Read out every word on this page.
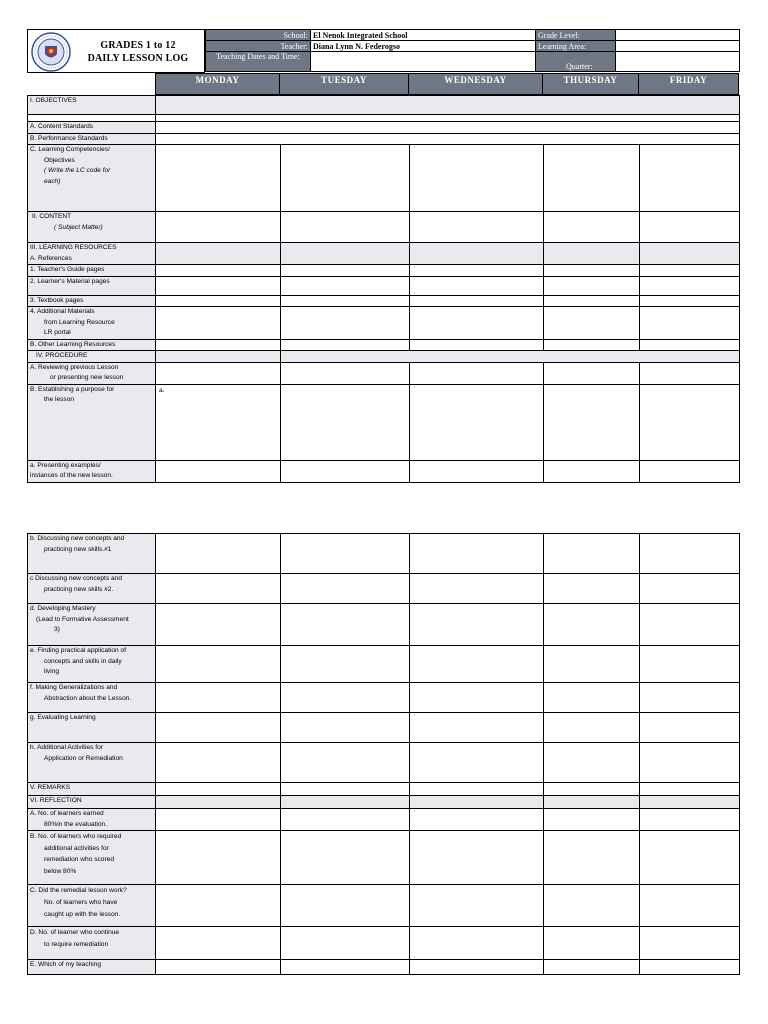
GRADES 1 to 12
DAILY LESSON LOG
School:	El Nenok Integrated School	Grade Level:	
Teacher:	Diana Lynn N. Federogso	Learning Area:	
Teaching Dates and Time:		Quarter:	
MONDAY	TUESDAY	WEDNESDAY	THURSDAY	FRIDAY
I. OBJECTIVES					

A. Content Standards					
B. Performance Standards					

C. Learning Competencies/
Objectives
( Write the LC code for
each)					

II. CONTENT
( Subject Matter)					

III. LEARNING RESOURCES
A. References					

1. Teacher's Guide pages					
2. Learner's Material pages					
3. Textbook pages					

4. Additional Materials
from Learning Resource
LR portal					

B. Other Learning Resources					
IV. PROCEDURE					

A. Reviewing previous Lesson
or presenting new lesson					

B. Establishing a purpose for
the lesson	a.				

a. Presenting examples/
instances of the new lesson.					

b. Discussing new concepts and
practicing new skills.#1					

c Discussing new concepts and
practicing new skills #2.					

d. Developing Mastery
(Lead to Formative Assessment
3)					

e. Finding practical application of
concepts and skills in daily
living					

f. Making Generalizations and
Abstraction about the Lesson.					

g. Evaluating Learning					

h. Additional Activities for
Application or Remediation					

V. REMARKS					
VI. REFLECTION					

A. No. of learners earned
80%in the evaluation.					

B. No. of learners who required
additional activities for
remediation who scored
below 80%					

C. Did the remedial lesson work?
No. of learners who have
caught up with the lesson.					

D. No. of learner who continue
to require remediation					

E. Which of my teaching					
